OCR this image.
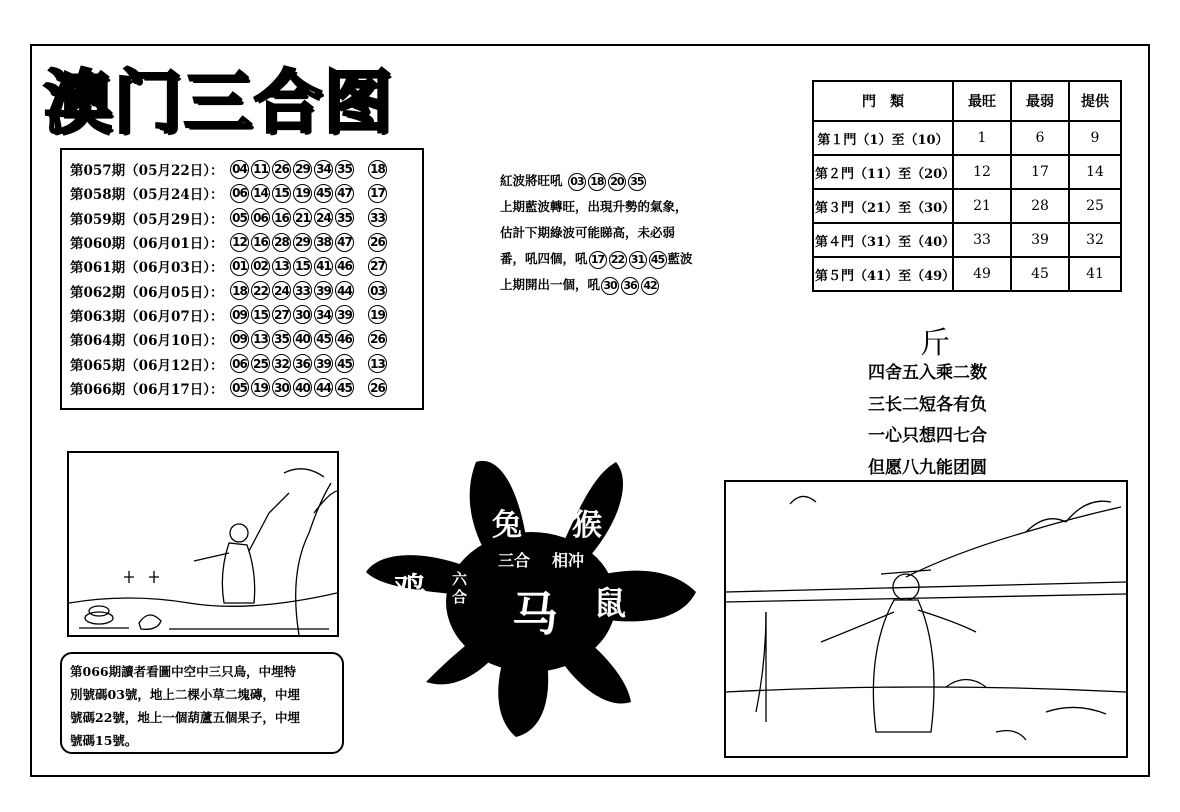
澳门三合图
第057期（05月22日）： 04 11 26 29 34 35 18
第058期（05月24日）： 06 14 15 19 45 47 17
第059期（05月29日）： 05 06 16 21 24 35 33
第060期（06月01日）： 12 16 28 29 38 47 26
第061期（06月03日）： 01 02 13 15 41 46 27
第062期（06月05日）： 18 22 24 33 39 44 03
第063期（06月07日）： 09 15 27 30 34 39 19
第064期（06月10日）： 09 13 35 40 45 46 26
第065期（06月12日）： 06 25 32 36 39 45 13
第066期（06月17日）： 05 19 30 40 44 45 26
紅波將旺吼 03 18 20 35
上期藍波轉旺，出現升勢的氣象，
估計下期綠波可能睇高，未必弱
番，吼四個，吼 17 22 31 45 藍波
上期開出一個，吼 30 36 42
門　類	最旺	最弱	提供
第１門（1）至（10）	1	6	9
第２門（11）至（20）	12	17	14
第３門（21）至（30）	21	28	25
第４門（31）至（40）	33	39	32
第５門（41）至（49）	49	45	41
斤
四舍五入乘二数
三长二短各有负
一心只想四七合
但愿八九能团圆
第066期讀者看圖中空中三只鳥，中埋特
別號碼03號，地上二棵小草二塊磚，中埋
號碼22號，地上一個葫蘆五個果子，中埋
號碼15號。
兔 猴
三合 相冲
鸡 六
合 马 鼠
